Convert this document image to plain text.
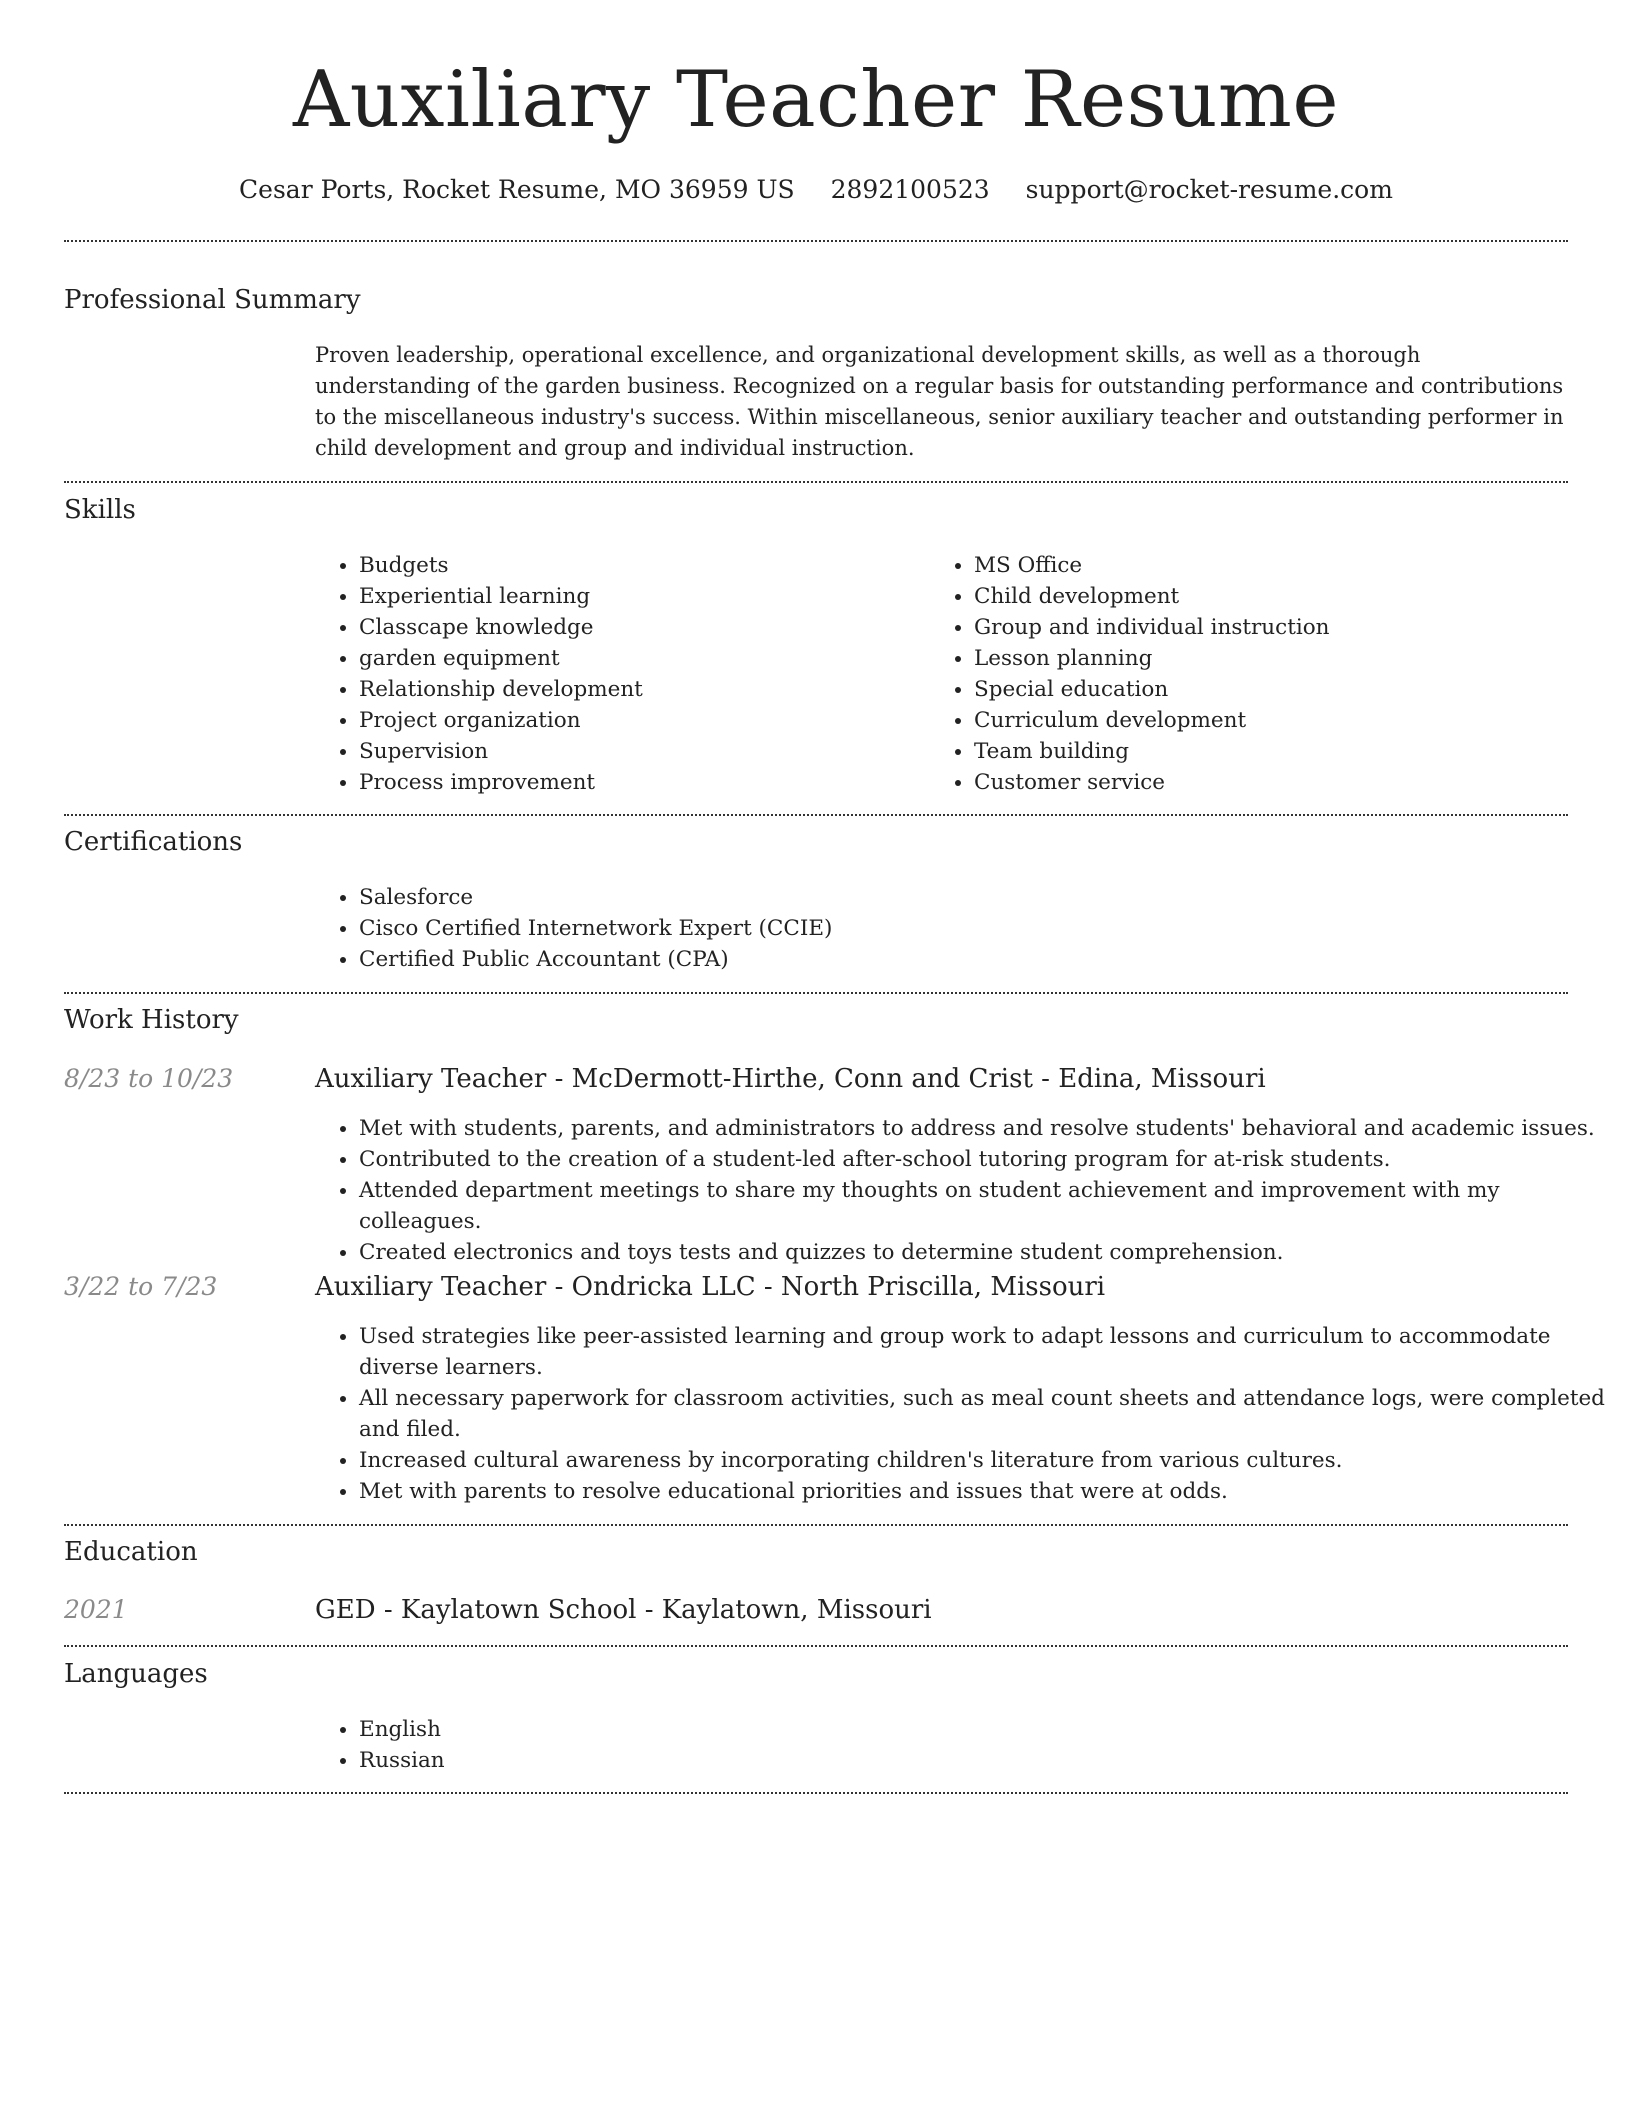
Auxiliary Teacher Resume
Cesar Ports, Rocket Resume, MO 36959 US 2892100523 support@rocket-resume.com
Professional Summary
Proven leadership, operational excellence, and organizational development skills, as well as a thorough understanding of the garden business. Recognized on a regular basis for outstanding performance and contributions to the miscellaneous industry's success. Within miscellaneous, senior auxiliary teacher and outstanding performer in child development and group and individual instruction.
Skills
• Budgets
• Experiential learning
• Classcape knowledge
• garden equipment
• Relationship development
• Project organization
• Supervision
• Process improvement
• MS Office
• Child development
• Group and individual instruction
• Lesson planning
• Special education
• Curriculum development
• Team building
• Customer service
Certifications
• Salesforce
• Cisco Certified Internetwork Expert (CCIE)
• Certified Public Accountant (CPA)
Work History
8/23 to 10/23	Auxiliary Teacher - McDermott-Hirthe, Conn and Crist - Edina, Missouri
• Met with students, parents, and administrators to address and resolve students' behavioral and academic issues.
• Contributed to the creation of a student-led after-school tutoring program for at-risk students.
• Attended department meetings to share my thoughts on student achievement and improvement with my colleagues.
• Created electronics and toys tests and quizzes to determine student comprehension.
3/22 to 7/23	Auxiliary Teacher - Ondricka LLC - North Priscilla, Missouri
• Used strategies like peer-assisted learning and group work to adapt lessons and curriculum to accommodate diverse learners.
• All necessary paperwork for classroom activities, such as meal count sheets and attendance logs, were completed and filed.
• Increased cultural awareness by incorporating children's literature from various cultures.
• Met with parents to resolve educational priorities and issues that were at odds.
Education
2021	GED - Kaylatown School - Kaylatown, Missouri
Languages
• English
• Russian
